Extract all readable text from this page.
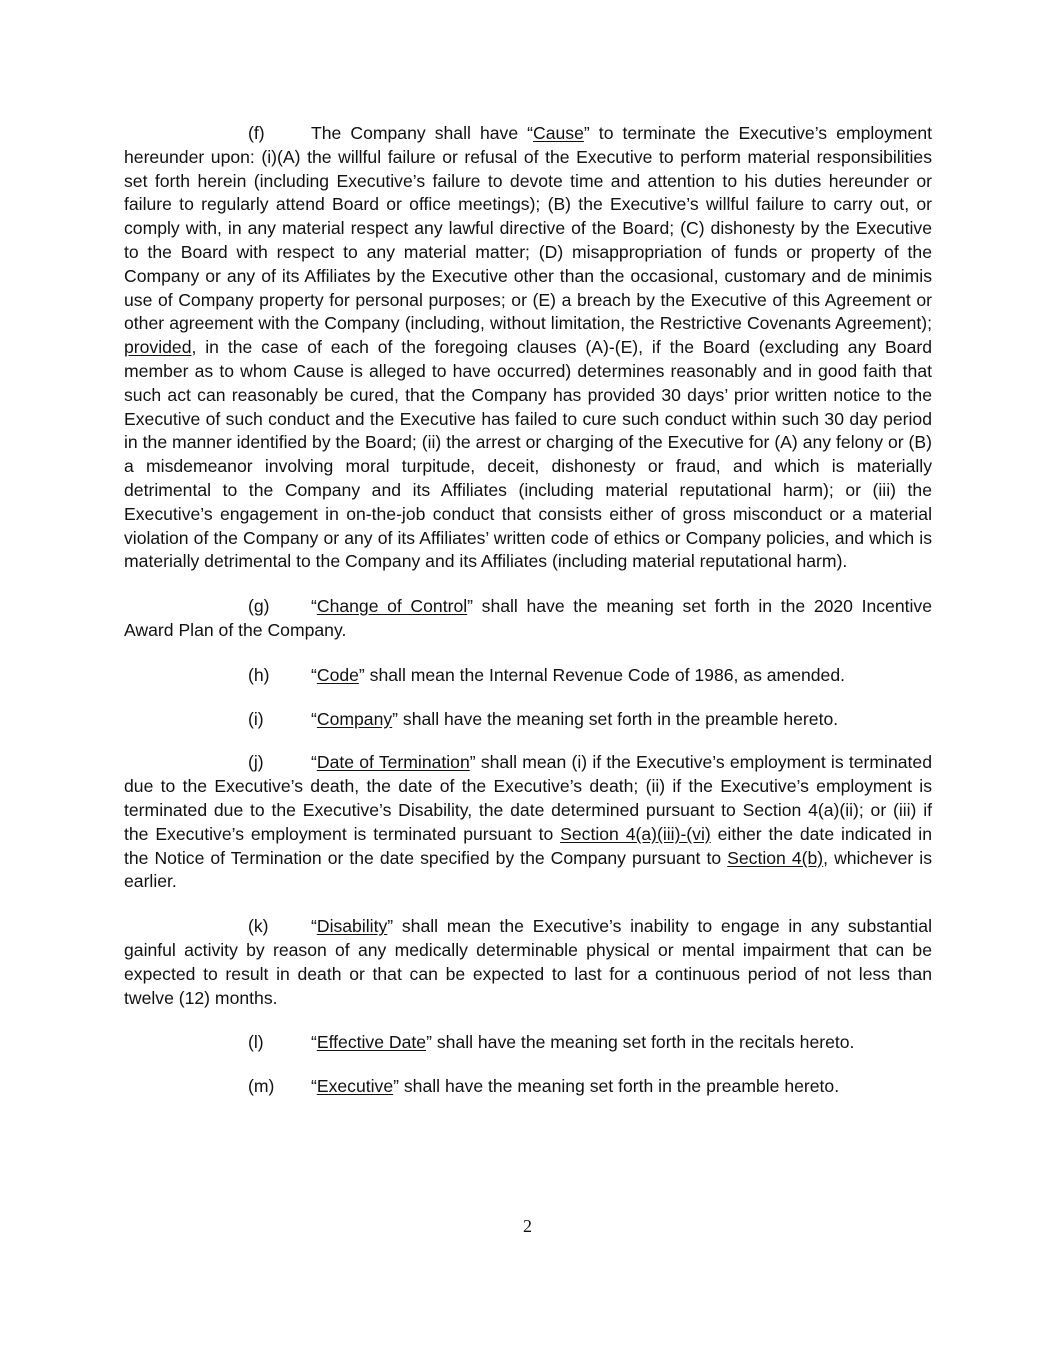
(f)	The Company shall have “Cause” to terminate the Executive’s employment hereunder upon: (i)(A) the willful failure or refusal of the Executive to perform material responsibilities set forth herein (including Executive’s failure to devote time and attention to his duties hereunder or failure to regularly attend Board or office meetings); (B) the Executive’s willful failure to carry out, or comply with, in any material respect any lawful directive of the Board; (C) dishonesty by the Executive to the Board with respect to any material matter; (D) misappropriation of funds or property of the Company or any of its Affiliates by the Executive other than the occasional, customary and de minimis use of Company property for personal purposes; or (E) a breach by the Executive of this Agreement or other agreement with the Company (including, without limitation, the Restrictive Covenants Agreement); provided, in the case of each of the foregoing clauses (A)-(E), if the Board (excluding any Board member as to whom Cause is alleged to have occurred) determines reasonably and in good faith that such act can reasonably be cured, that the Company has provided 30 days’ prior written notice to the Executive of such conduct and the Executive has failed to cure such conduct within such 30 day period in the manner identified by the Board; (ii) the arrest or charging of the Executive for (A) any felony or (B) a misdemeanor involving moral turpitude, deceit, dishonesty or fraud, and which is materially detrimental to the Company and its Affiliates (including material reputational harm); or (iii) the Executive’s engagement in on-the-job conduct that consists either of gross misconduct or a material violation of the Company or any of its Affiliates’ written code of ethics or Company policies, and which is materially detrimental to the Company and its Affiliates (including material reputational harm).

(g) “Change of Control” shall have the meaning set forth in the 2020 Incentive Award Plan of the Company.

(h) “Code” shall mean the Internal Revenue Code of 1986, as amended.

(i)	“Company” shall have the meaning set forth in the preamble hereto.

(j)	“Date of Termination” shall mean (i) if the Executive’s employment is terminated due to the Executive’s death, the date of the Executive’s death; (ii) if the Executive’s employment is terminated due to the Executive’s Disability, the date determined pursuant to Section 4(a)(ii); or (iii) if the Executive’s employment is terminated pursuant to Section 4(a)(iii)-(vi) either the date indicated in the Notice of Termination or the date specified by the Company pursuant to Section 4(b), whichever is earlier.

(k) “Disability” shall mean the Executive’s inability to engage in any substantial gainful activity by reason of any medically determinable physical or mental impairment that can be expected to result in death or that can be expected to last for a continuous period of not less than twelve (12) months.

(l)	“Effective Date” shall have the meaning set forth in the recitals hereto.

(m) “Executive” shall have the meaning set forth in the preamble hereto.

2
